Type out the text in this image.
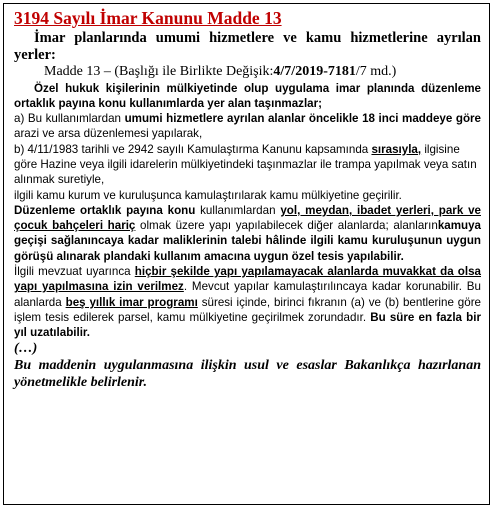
3194 Sayılı İmar Kanunu Madde 13

İmar planlarında umumi hizmetlere ve kamu hizmetlerine ayrılan yerler:

Madde 13 – (Başlığı ile Birlikte Değişik:4/7/2019-7181/7 md.)

Özel hukuk kişilerinin mülkiyetinde olup uygulama imar planında düzenleme ortaklık payına konu kullanımlarda yer alan taşınmazlar;

a) Bu kullanımlardan umumi hizmetlere ayrılan alanlar öncelikle 18 inci maddeye göre arazi ve arsa düzenlemesi yapılarak,

b) 4/11/1983 tarihli ve 2942 sayılı Kamulaştırma Kanunu kapsamında sırasıyla, ilgisine göre Hazine veya ilgili idarelerin mülkiyetindeki taşınmazlar ile trampa yapılmak veya satın alınmak suretiyle,

ilgili kamu kurum ve kuruluşunca kamulaştırılarak kamu mülkiyetine geçirilir.

Düzenleme ortaklık payına konu kullanımlardan yol, meydan, ibadet yerleri, park ve çocuk bahçeleri hariç olmak üzere yapı yapılabilecek diğer alanlarda; alanlarınkamuya geçişi sağlanıncaya kadar maliklerinin talebi hâlinde ilgili kamu kuruluşunun uygun görüşü alınarak plandaki kullanım amacına uygun özel tesis yapılabilir.

İlgili mevzuat uyarınca hiçbir şekilde yapı yapılamayacak alanlarda muvakkat da olsa yapı yapılmasına izin verilmez. Mevcut yapılar kamulaştırılıncaya kadar korunabilir. Bu alanlarda beş yıllık imar programı süresi içinde, birinci fıkranın (a) ve (b) bentlerine göre işlem tesis edilerek parsel, kamu mülkiyetine geçirilmek zorundadır. Bu süre en fazla bir yıl uzatılabilir.

(…)

Bu maddenin uygulanmasına ilişkin usul ve esaslar Bakanlıkça hazırlanan yönetmelikle belirlenir.
